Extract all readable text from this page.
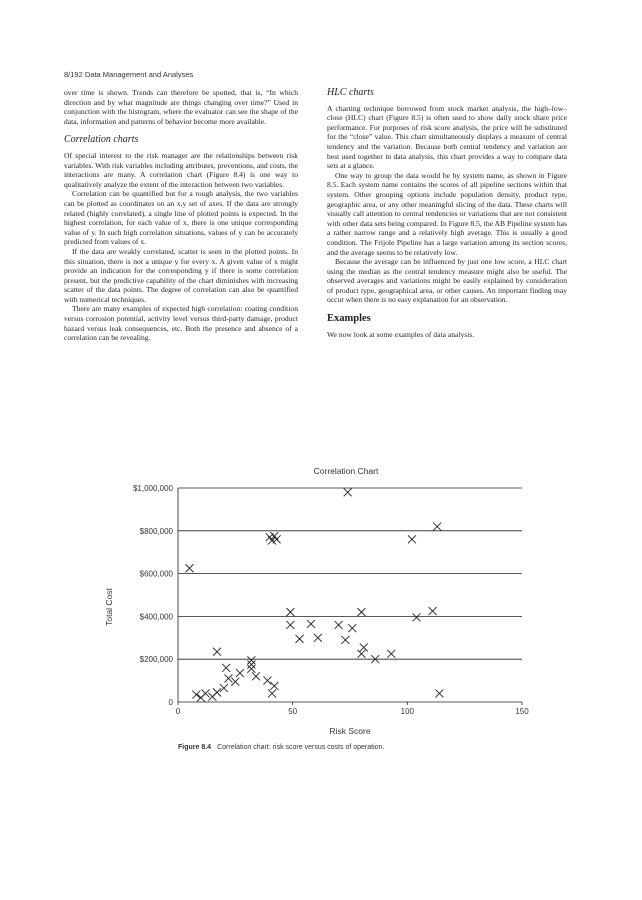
8/192 Data Management and Analyses

over time is shown. Trends can therefore be spotted, that is, “In which direction and by what magnitude are things changing over time?” Used in conjunction with the histogram, where the evaluator can see the shape of the data, information and patterns of behavior become more available.

Correlation charts

Of special interest to the risk manager are the relationships between risk variables. With risk variables including attributes, preventions, and costs, the interactions are many. A correlation chart (Figure 8.4) is one way to qualitatively analyze the extent of the interaction between two variables.

Correlation can be quantified but for a rough analysis, the two variables can be plotted as coordinates on an x,y set of axes. If the data are strongly related (highly correlated), a single line of plotted points is expected. In the highest correlation, for each value of x, there is one unique corresponding value of y. In such high correlation situations, values of y can be accurately predicted from values of x.

If the data are weakly correlated, scatter is seen in the plotted points. In this situation, there is not a unique y for every x. A given value of x might provide an indication for the corresponding y if there is some correlation present, but the predictive capability of the chart diminishes with increasing scatter of the data points. The degree of correlation can also be quantified with numerical techniques.

There are many examples of expected high correlation: coating condition versus corrosion potential, activity level versus third-party damage, product hazard versus leak consequences, etc. Both the presence and absence of a correlation can be revealing.

HLC charts

A charting technique borrowed from stock market analysis, the high–low–close (HLC) chart (Figure 8.5) is often used to show daily stock share price performance. For purposes of risk score analysis, the price will be substituted for the “close” value. This chart simultaneously displays a measure of central tendency and the variation. Because both central tendency and variation are best used together in data analysis, this chart provides a way to compare data sets at a glance.

One way to group the data would be by system name, as shown in Figure 8.5. Each system name contains the scores of all pipeline sections within that system. Other grouping options include population density, product type, geographic area, or any other meaningful slicing of the data. These charts will visually call attention to central tendencies or variations that are not consistent with other data sets being compared. In Figure 8.5, the AB Pipeline system has a rather narrow range and a relatively high average. This is usually a good condition. The Frijole Pipeline has a large variation among its section scores, and the average seems to be relatively low.

Because the average can be influenced by just one low score, a HLC chart using the median as the central tendency measure might also be useful. The observed averages and variations might be easily explained by consideration of product type, geographical area, or other causes. An important finding may occur when there is no easy explanation for an observation.

Examples

We now look at some examples of data analysis.

Correlation Chart
0
$200,000
$400,000
$600,000
$800,000
$1,000,000
0	50	100	150
Risk Score
Total Cost
Figure 8.4 Correlation chart: risk score versus costs of operation.
